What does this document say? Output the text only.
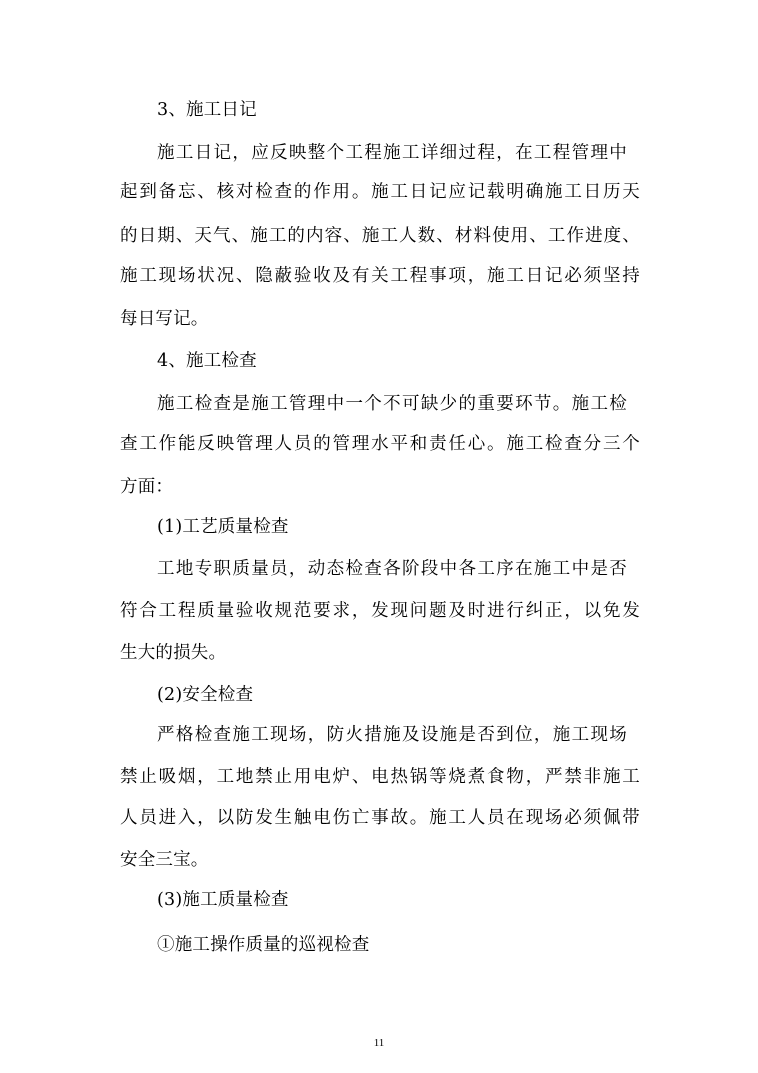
3、施工日记
施工日记，应反映整个工程施工详细过程，在工程管理中
起到备忘、核对检查的作用。施工日记应记载明确施工日历天
的日期、天气、施工的内容、施工人数、材料使用、工作进度、
施工现场状况、隐蔽验收及有关工程事项，施工日记必须坚持
每日写记。
4、施工检查
施工检查是施工管理中一个不可缺少的重要环节。施工检
查工作能反映管理人员的管理水平和责任心。施工检查分三个
方面：
(1)工艺质量检查
工地专职质量员，动态检查各阶段中各工序在施工中是否
符合工程质量验收规范要求，发现问题及时进行纠正，以免发
生大的损失。
(2)安全检查
严格检查施工现场，防火措施及设施是否到位，施工现场
禁止吸烟，工地禁止用电炉、电热锅等烧煮食物，严禁非施工
人员进入，以防发生触电伤亡事故。施工人员在现场必须佩带
安全三宝。
(3)施工质量检查
①施工操作质量的巡视检查
11
